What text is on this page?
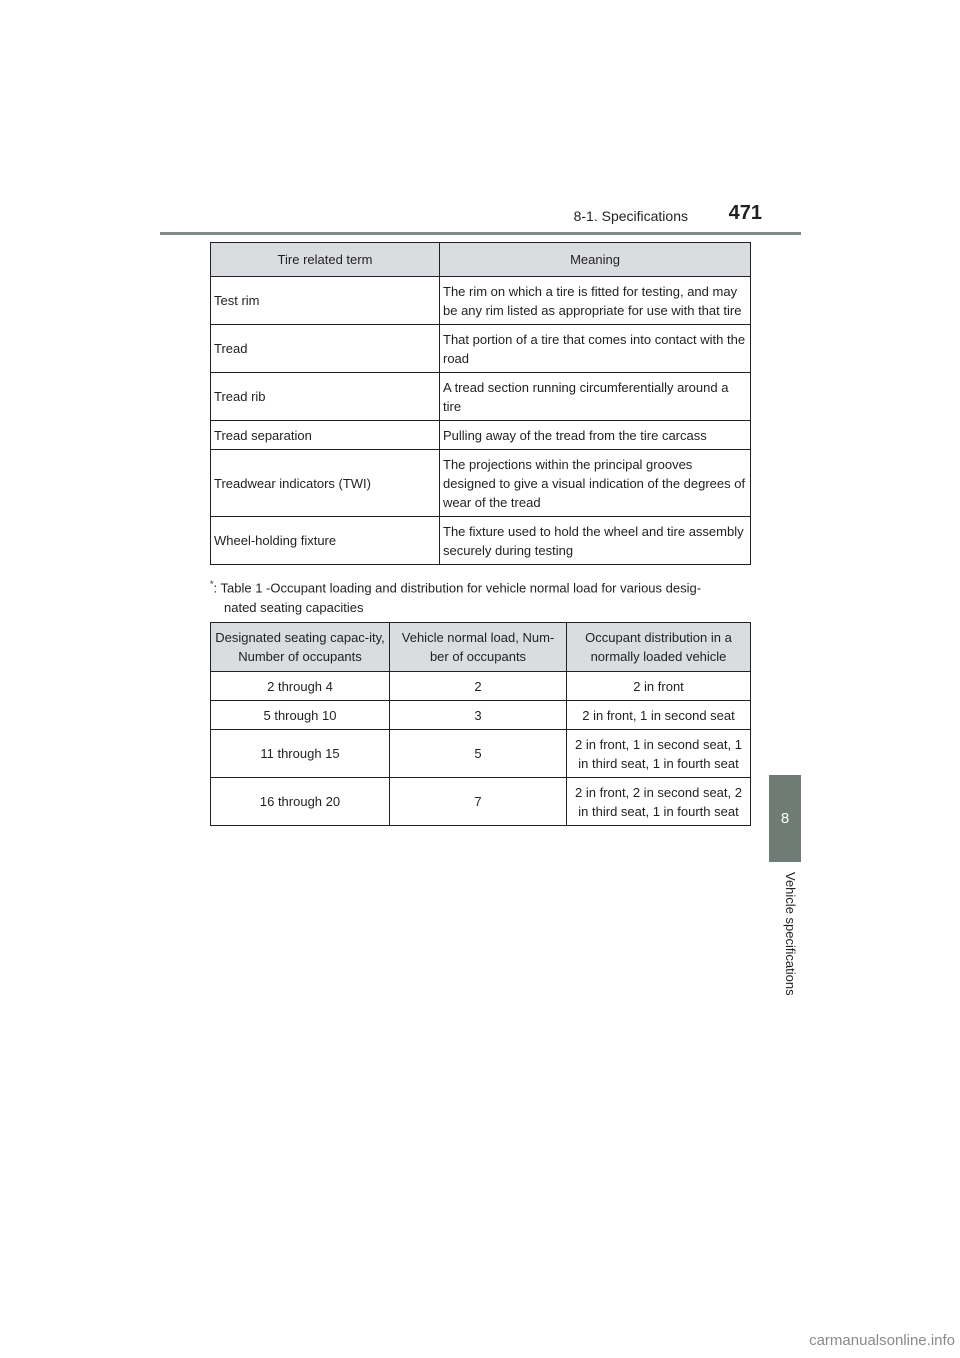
8-1. Specifications	471
8
Vehicle specifications
Tire related term	Meaning
Test rim	The rim on which a tire is fitted for testing, and may be any rim listed as appropriate for use with that tire
Tread	That portion of a tire that comes into contact with the road
Tread rib	A tread section running circumferentially around a tire
Tread separation	Pulling away of the tread from the tire carcass
Treadwear indicators (TWI)	The projections within the principal grooves designed to give a visual indication of the degrees of wear of the tread
Wheel-holding fixture	The fixture used to hold the wheel and tire assembly securely during testing
*: Table 1 -Occupant loading and distribution for vehicle normal load for various desig-
nated seating capacities
Designated seating capac-ity, Number of occupants	Vehicle normal load, Num-ber of occupants	Occupant distribution in a normally loaded vehicle
2 through 4	2	2 in front
5 through 10	3	2 in front, 1 in second seat
11 through 15	5	2 in front, 1 in second seat, 1 in third seat, 1 in fourth seat
16 through 20	7	2 in front, 2 in second seat, 2 in third seat, 1 in fourth seat
carmanualsonline.info
